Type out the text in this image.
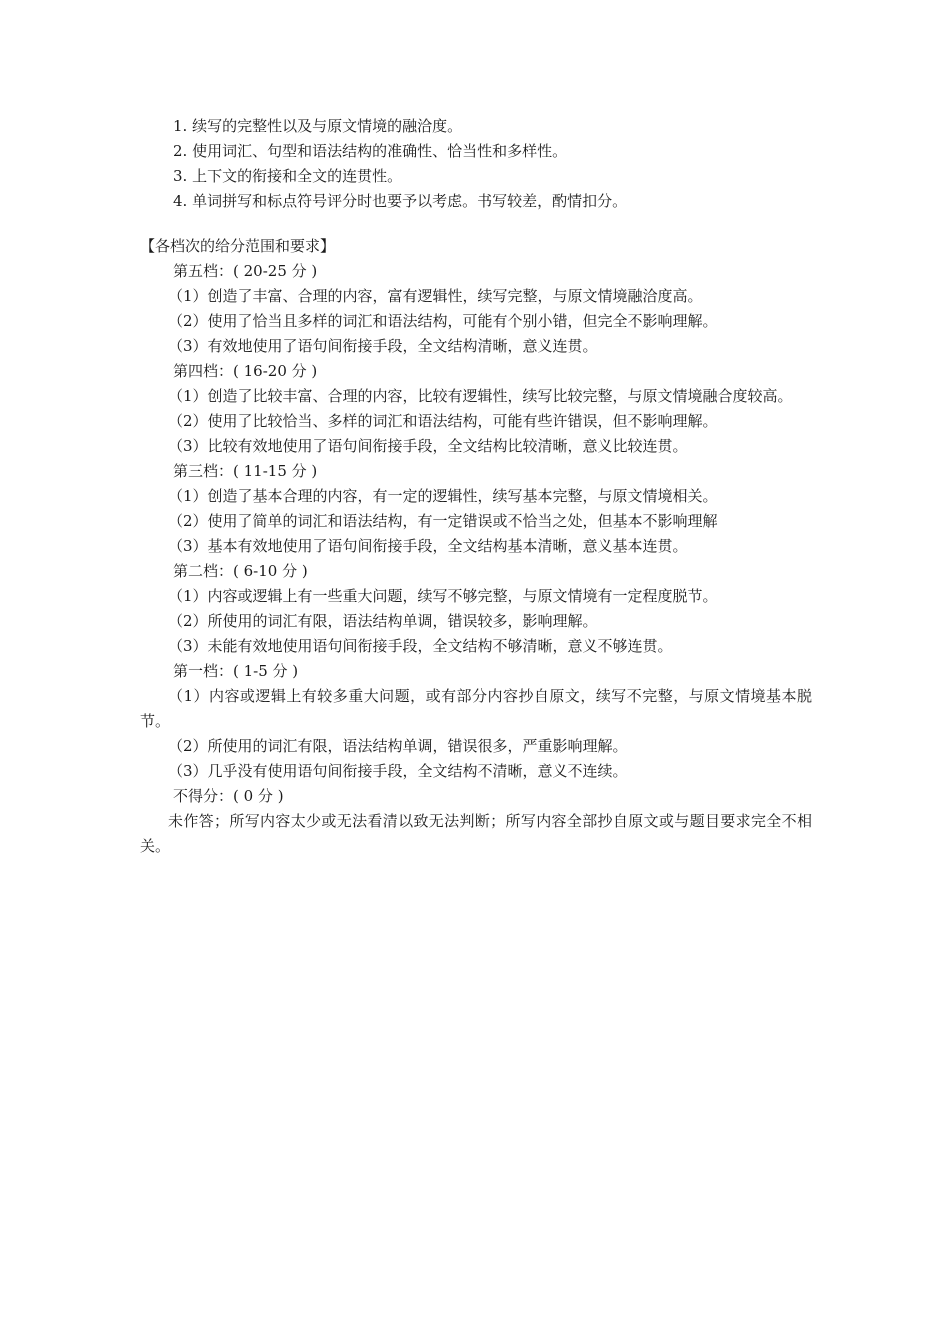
1. 续写的完整性以及与原文情境的融洽度。
2. 使用词汇、句型和语法结构的准确性、恰当性和多样性。
3. 上下文的衔接和全文的连贯性。
4. 单词拼写和标点符号评分时也要予以考虑。书写较差，酌情扣分。

【各档次的给分范围和要求】

第五档：( 20-25 分 )

（1）创造了丰富、合理的内容，富有逻辑性，续写完整，与原文情境融洽度高。

（2）使用了恰当且多样的词汇和语法结构，可能有个别小错，但完全不影响理解。

（3）有效地使用了语句间衔接手段，全文结构清晰，意义连贯。

第四档：( 16-20 分 )

（1）创造了比较丰富、合理的内容，比较有逻辑性，续写比较完整，与原文情境融合度较高。

（2）使用了比较恰当、多样的词汇和语法结构，可能有些许错误，但不影响理解。

（3）比较有效地使用了语句间衔接手段，全文结构比较清晰，意义比较连贯。

第三档：( 11-15 分 )

（1）创造了基本合理的内容，有一定的逻辑性，续写基本完整，与原文情境相关。

（2）使用了简单的词汇和语法结构，有一定错误或不恰当之处，但基本不影响理解

（3）基本有效地使用了语句间衔接手段，全文结构基本清晰，意义基本连贯。

第二档：( 6-10 分 )

（1）内容或逻辑上有一些重大问题，续写不够完整，与原文情境有一定程度脱节。

（2）所使用的词汇有限，语法结构单调，错误较多，影响理解。

（3）未能有效地使用语句间衔接手段，全文结构不够清晰，意义不够连贯。

第一档：( 1-5 分 )

（1）内容或逻辑上有较多重大问题，或有部分内容抄自原文，续写不完整，与原文情境基本脱节。

（2）所使用的词汇有限，语法结构单调，错误很多，严重影响理解。

（3）几乎没有使用语句间衔接手段，全文结构不清晰，意义不连续。

不得分：( 0 分 )

未作答；所写内容太少或无法看清以致无法判断；所写内容全部抄自原文或与题目要求完全不相关。
